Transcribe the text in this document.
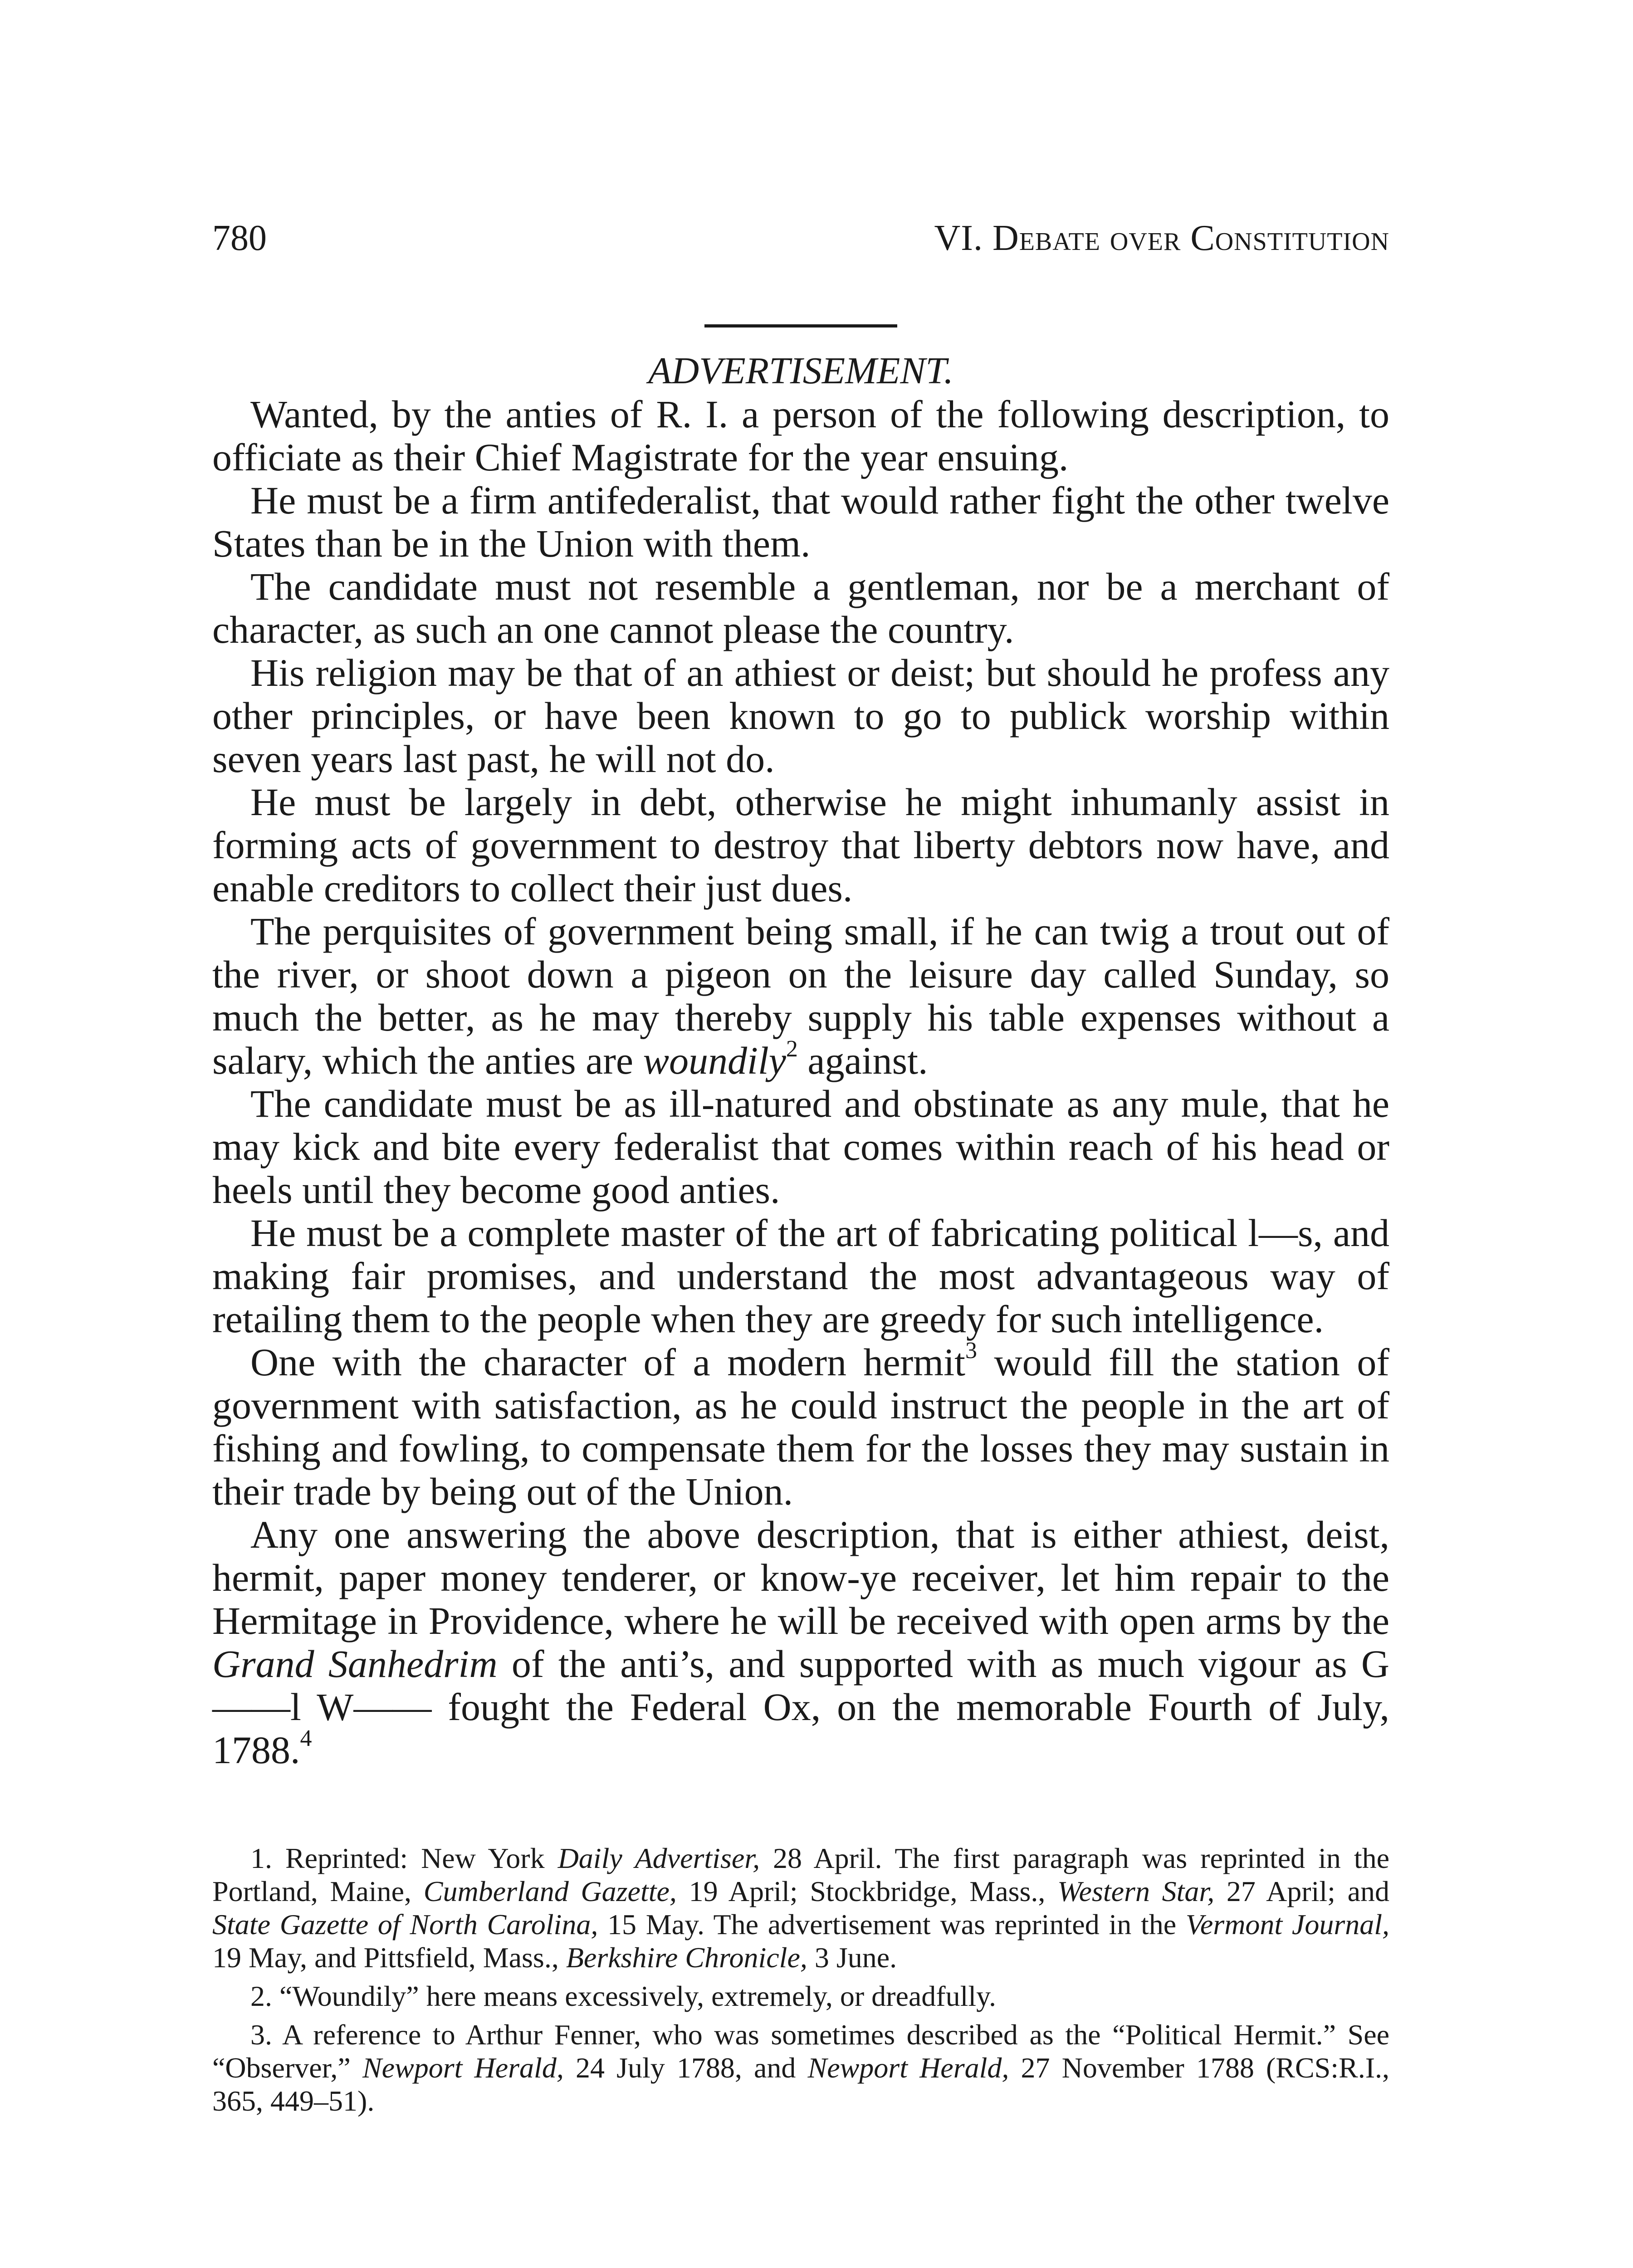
780	VI. Debate over Constitution
ADVERTISEMENT.

Wanted, by the anties of R. I. a person of the following description, to officiate as their Chief Magistrate for the year ensuing.

He must be a firm antifederalist, that would rather fight the other twelve States than be in the Union with them.

The candidate must not resemble a gentleman, nor be a merchant of character, as such an one cannot please the country.

His religion may be that of an athiest or deist; but should he profess any other principles, or have been known to go to publick worship within seven years last past, he will not do.

He must be largely in debt, otherwise he might inhumanly assist in forming acts of government to destroy that liberty debtors now have, and enable creditors to collect their just dues.

The perquisites of government being small, if he can twig a trout out of the river, or shoot down a pigeon on the leisure day called Sunday, so much the better, as he may thereby supply his table expenses without a salary, which the anties are woundily$^2$ against.

The candidate must be as ill-natured and obstinate as any mule, that he may kick and bite every federalist that comes within reach of his head or heels until they become good anties.

He must be a complete master of the art of fabricating political l—s, and making fair promises, and understand the most advantageous way of retailing them to the people when they are greedy for such intelligence.

One with the character of a modern hermit$^3$ would fill the station of government with satisfaction, as he could instruct the people in the art of fishing and fowling, to compensate them for the losses they may sustain in their trade by being out of the Union.

Any one answering the above description, that is either athiest, deist, hermit, paper money tenderer, or know-ye receiver, let him repair to the Hermitage in Providence, where he will be received with open arms by the Grand Sanhedrim of the anti’s, and supported with as much vigour as G——l W—— fought the Federal Ox, on the memorable Fourth of July, 1788.$^4$

1. Reprinted: New York Daily Advertiser, 28 April. The first paragraph was reprinted in the Portland, Maine, Cumberland Gazette, 19 April; Stockbridge, Mass., Western Star, 27 April; and State Gazette of North Carolina, 15 May. The advertisement was reprinted in the Vermont Journal, 19 May, and Pittsfield, Mass., Berkshire Chronicle, 3 June.

2. “Woundily” here means excessively, extremely, or dreadfully.

3. A reference to Arthur Fenner, who was sometimes described as the “Political Hermit.” See “Observer,” Newport Herald, 24 July 1788, and Newport Herald, 27 November 1788 (RCS:R.I., 365, 449–51).
